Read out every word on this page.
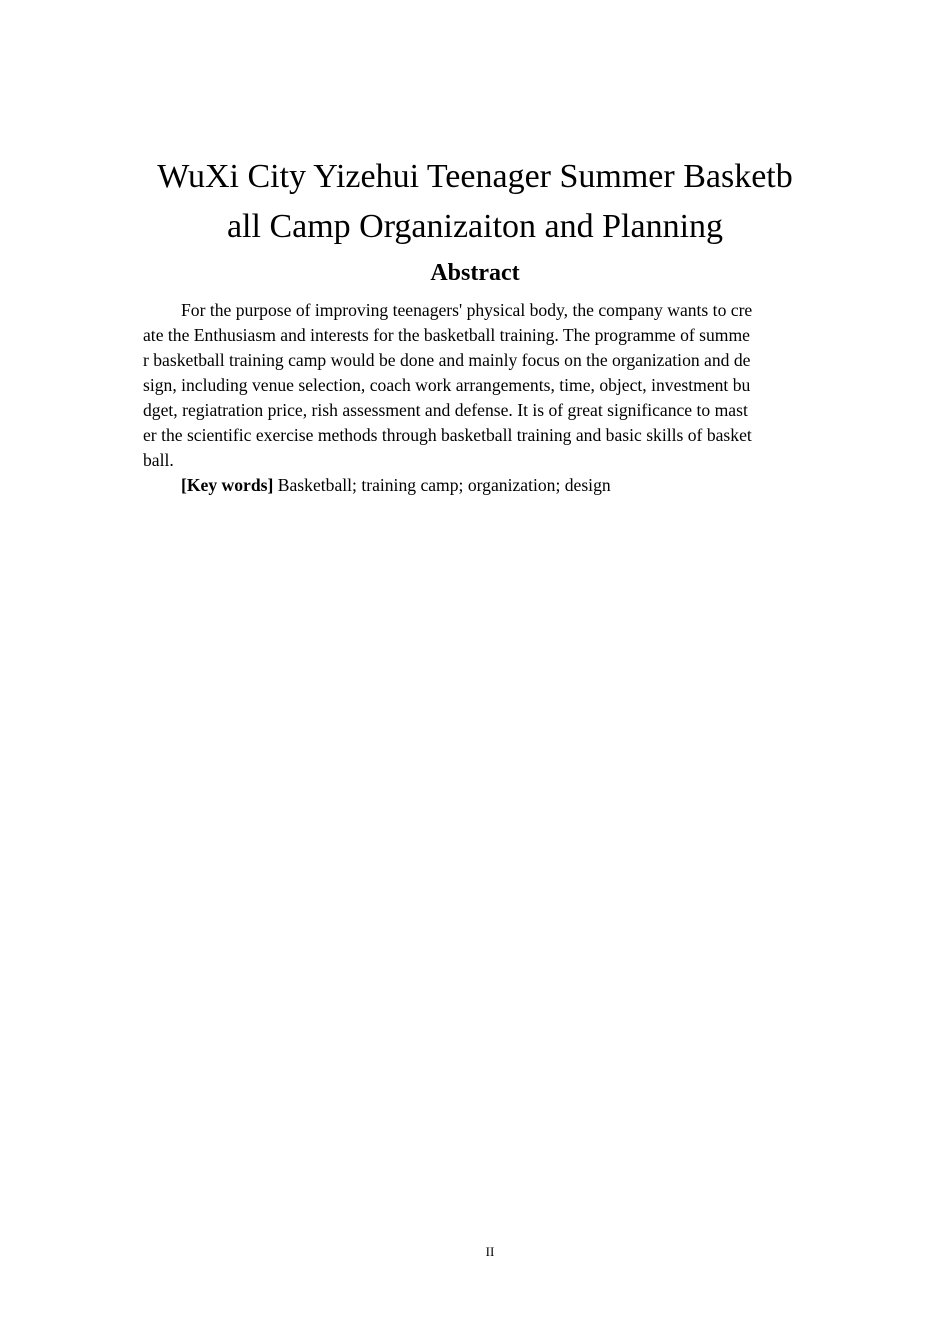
WuXi City Yizehui Teenager Summer Basketb
all Camp Organizaiton and Planning
Abstract
For the purpose of improving teenagers' physical body, the company wants to cre
ate the Enthusiasm and interests for the basketball training. The programme of summe
r basketball training camp would be done and mainly focus on the organization and de
sign, including venue selection, coach work arrangements, time, object, investment bu
dget, regiatration price, rish assessment and defense. It is of great significance to mast
er the scientific exercise methods through basketball training and basic skills of basket
ball.

[Key words] Basketball; training camp; organization; design

II
